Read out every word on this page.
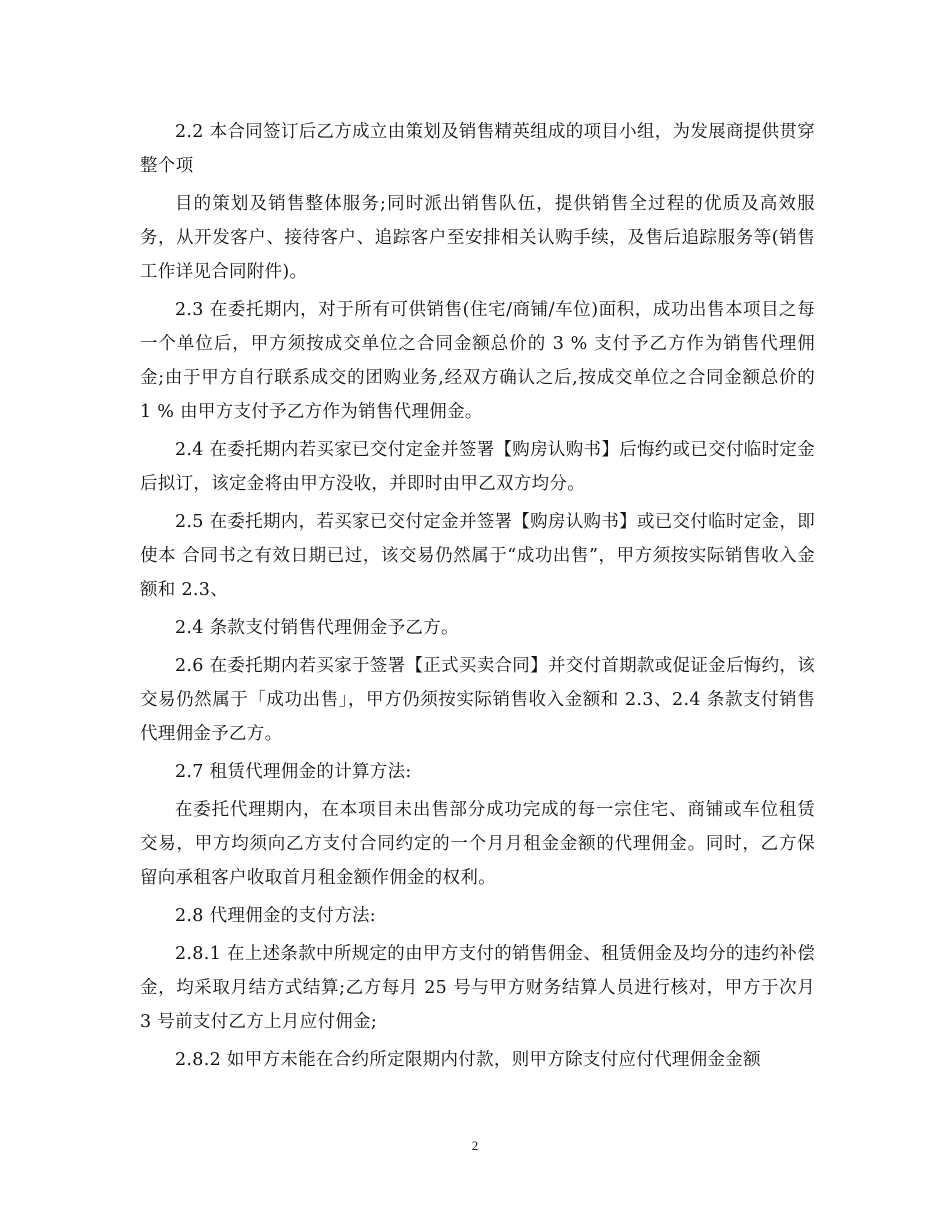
2.2 本合同签订后乙方成立由策划及销售精英组成的项目小组，为发展商提供贯穿整个项

目的策划及销售整体服务;同时派出销售队伍，提供销售全过程的优质及高效服务，从开发客户、接待客户、追踪客户至安排相关认购手续，及售后追踪服务等(销售工作详见合同附件)。

2.3 在委托期内，对于所有可供销售(住宅/商铺/车位)面积，成功出售本项目之每一个单位后，甲方须按成交单位之合同金额总价的 3 % 支付予乙方作为销售代理佣金;由于甲方自行联系成交的团购业务,经双方确认之后,按成交单位之合同金额总价的 1 % 由甲方支付予乙方作为销售代理佣金。

2.4 在委托期内若买家已交付定金并签署【购房认购书】后悔约或已交付临时定金后拟订，该定金将由甲方没收，并即时由甲乙双方均分。

2.5 在委托期内，若买家已交付定金并签署【购房认购书】或已交付临时定金，即使本 合同书之有效日期已过，该交易仍然属于“成功出售”，甲方须按实际销售收入金额和 2.3、

2.4 条款支付销售代理佣金予乙方。

2.6 在委托期内若买家于签署【正式买卖合同】并交付首期款或促证金后悔约，该交易仍然属于「成功出售」，甲方仍须按实际销售收入金额和 2.3、2.4 条款支付销售代理佣金予乙方。

2.7 租赁代理佣金的计算方法:

在委托代理期内，在本项目未出售部分成功完成的每一宗住宅、商铺或车位租赁交易，甲方均须向乙方支付合同约定的一个月月租金金额的代理佣金。同时，乙方保留向承租客户收取首月租金额作佣金的权利。

2.8 代理佣金的支付方法:

2.8.1 在上述条款中所规定的由甲方支付的销售佣金、租赁佣金及均分的违约补偿金，均采取月结方式结算;乙方每月 25 号与甲方财务结算人员进行核对，甲方于次月 3 号前支付乙方上月应付佣金;

2.8.2 如甲方未能在合约所定限期内付款，则甲方除支付应付代理佣金金额

2
